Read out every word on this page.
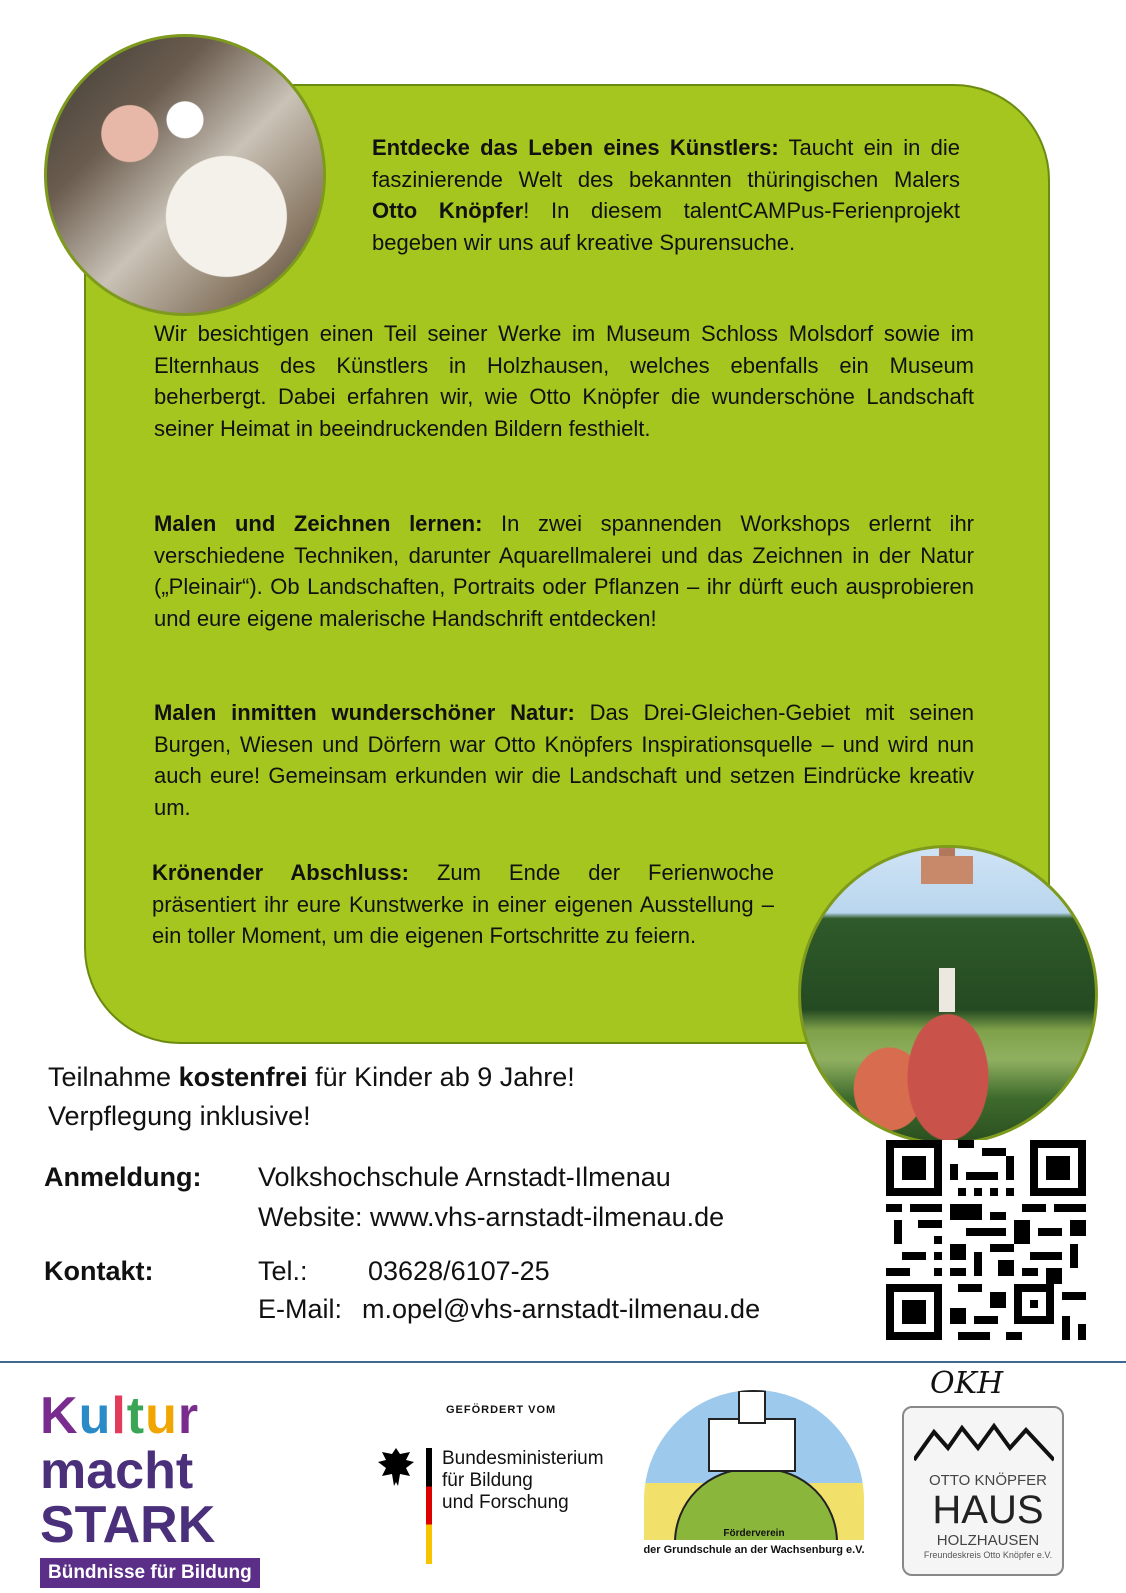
Entdecke das Leben eines Künstlers: Taucht ein in die faszinierende Welt des bekannten thüringischen Malers Otto Knöpfer! In diesem talentCAMPus-Ferienprojekt begeben wir uns auf kreative Spurensuche.

Wir besichtigen einen Teil seiner Werke im Museum Schloss Molsdorf sowie im Elternhaus des Künstlers in Holzhausen, welches ebenfalls ein Museum beherbergt. Dabei erfahren wir, wie Otto Knöpfer die wunderschöne Landschaft seiner Heimat in beeindruckenden Bildern festhielt.

Malen und Zeichnen lernen: In zwei spannenden Workshops erlernt ihr verschiedene Techniken, darunter Aquarellmalerei und das Zeichnen in der Natur („Pleinair“). Ob Landschaften, Portraits oder Pflanzen – ihr dürft euch ausprobieren und eure eigene malerische Handschrift entdecken!

Malen inmitten wunderschöner Natur: Das Drei-Gleichen-Gebiet mit seinen Burgen, Wiesen und Dörfern war Otto Knöpfers Inspirationsquelle – und wird nun auch eure! Gemeinsam erkunden wir die Landschaft und setzen Eindrücke kreativ um.

Krönender Abschluss: Zum Ende der Ferienwoche präsentiert ihr eure Kunstwerke in einer eigenen Ausstellung – ein toller Moment, um die eigenen Fortschritte zu feiern.

Teilnahme kostenfrei für Kinder ab 9 Jahre!
Verpflegung inklusive!
Anmeldung: Volkshochschule Arnstadt-Ilmenau
Website: www.vhs-arnstadt-ilmenau.de
Kontakt:	Tel.: 03628/6107-25
E-Mail: m.opel@vhs-arnstadt-ilmenau.de
Kultur
macht STARK
Bündnisse für Bildung
GEFÖRDERT VOM
Bundesministerium
für Bildung
und Forschung
Förderverein
der Grundschule an der Wachsenburg e.V.
OKH
OTTO KNÖPFER
HAUS
HOLZHAUSEN
Freundeskreis Otto Knöpfer e.V.
